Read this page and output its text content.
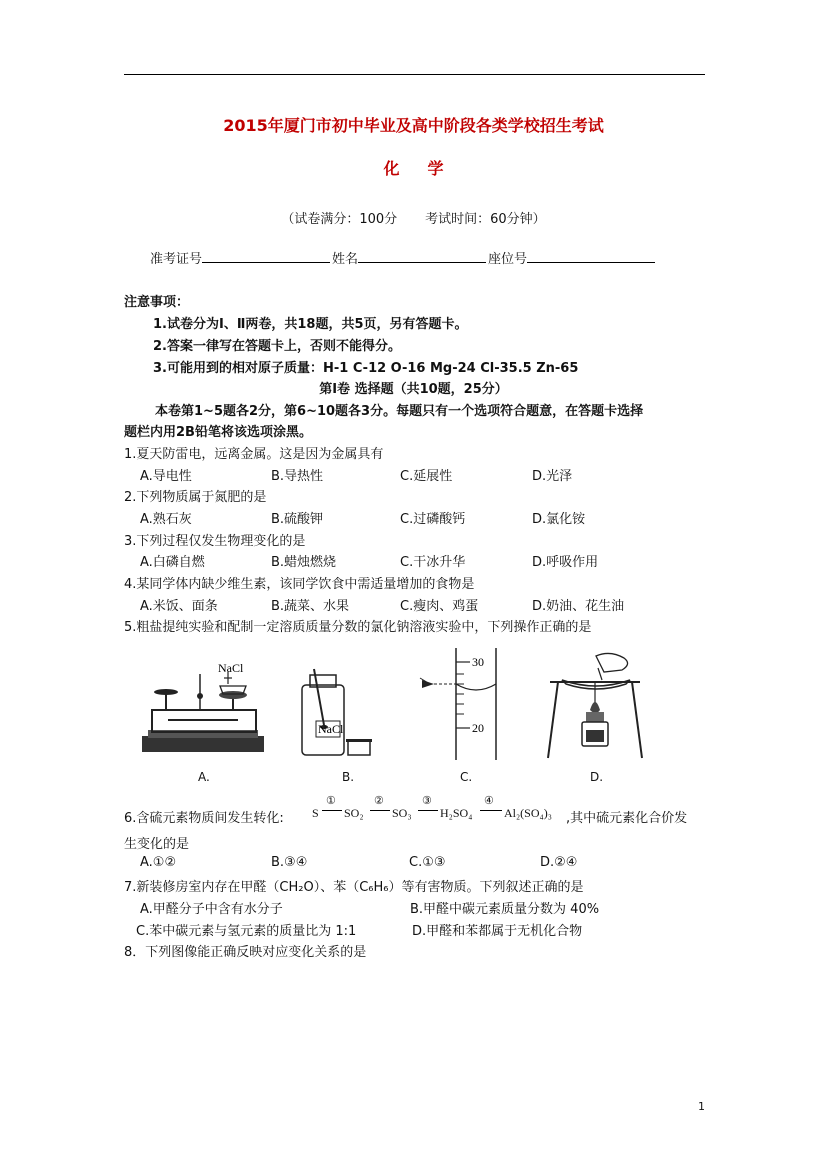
2015年厦门市初中毕业及高中阶段各类学校招生考试
化 学
（试卷满分：100分 考试时间：60分钟）
准考证号	姓名	座位号
注意事项：
1.试卷分为Ⅰ、Ⅱ两卷，共18题，共5页，另有答题卡。
2.答案一律写在答题卡上，否则不能得分。
3.可能用到的相对原子质量：H-1 C-12 O-16 Mg-24 Cl-35.5 Zn-65
第Ⅰ卷 选择题（共10题，25分）
本卷第1~5题各2分，第6~10题各3分。每题只有一个选项符合题意，在答题卡选择
题栏内用2B铅笔将该选项涂黑。
1.夏天防雷电，远离金属。这是因为金属具有
A.导电性	B.导热性	C.延展性	D.光泽
2.下列物质属于氮肥的是
A.熟石灰	B.硫酸钾	C.过磷酸钙	D.氯化铵
3.下列过程仅发生物理变化的是
A.白磷自燃	B.蜡烛燃烧	C.干冰升华	D.呼吸作用
4.某同学体内缺少维生素，该同学饮食中需适量增加的食物是
A.米饭、面条	B.蔬菜、水果	C.瘦肉、鸡蛋	D.奶油、花生油
5.粗盐提纯实验和配制一定溶质质量分数的氯化钠溶液实验中，下列操作正确的是
NaCl
A.
NaCl
B.
30
20
C.	D.
6.含硫元素物质间发生转化: S
①
SO₂
②
SO₃
③
H₂SO₄
④
Al₂(SO₄)₃ ,其中硫元素化合价发
生变化的是
A.①②	B.③④	C.①③	D.②④
7.新装修房室内存在甲醛（CH₂O）、苯（C₆H₆）等有害物质。下列叙述正确的是
A.甲醛分子中含有水分子	B.甲醛中碳元素质量分数为 40%
C.苯中碳元素与氢元素的质量比为 1:1	D.甲醛和苯都属于无机化合物
8．下列图像能正确反映对应变化关系的是
1
